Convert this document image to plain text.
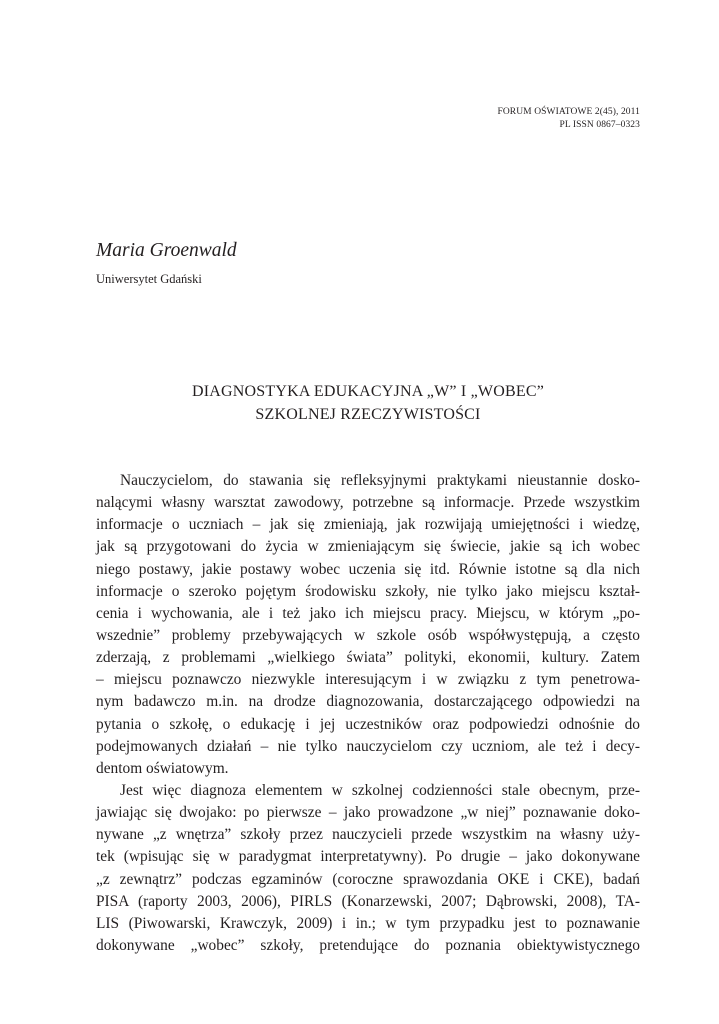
FORUM OŚWIATOWE 2(45), 2011
PL ISSN 0867–0323
Maria Groenwald
Uniwersytet Gdański
DIAGNOSTYKA EDUKACYJNA „W” I „WOBEC”
SZKOLNEJ RZECZYWISTOŚCI
Nauczycielom, do stawania się refleksyjnymi praktykami nieustannie dosko-
nalącymi własny warsztat zawodowy, potrzebne są informacje. Przede wszystkim
informacje o uczniach – jak się zmieniają, jak rozwijają umiejętności i wiedzę,
jak są przygotowani do życia w zmieniającym się świecie, jakie są ich wobec
niego postawy, jakie postawy wobec uczenia się itd. Równie istotne są dla nich
informacje o szeroko pojętym środowisku szkoły, nie tylko jako miejscu kształ-
cenia i wychowania, ale i też jako ich miejscu pracy. Miejscu, w którym „po-
wszednie” problemy przebywających w szkole osób współwystępują, a często
zderzają, z problemami „wielkiego świata” polityki, ekonomii, kultury. Zatem
– miejscu poznawczo niezwykle interesującym i w związku z tym penetrowa-
nym badawczo m.in. na drodze diagnozowania, dostarczającego odpowiedzi na
pytania o szkołę, o edukację i jej uczestników oraz podpowiedzi odnośnie do
podejmowanych działań – nie tylko nauczycielom czy uczniom, ale też i decy-
dentom oświatowym.
Jest więc diagnoza elementem w szkolnej codzienności stale obecnym, prze-
jawiając się dwojako: po pierwsze – jako prowadzone „w niej” poznawanie doko-
nywane „z wnętrza” szkoły przez nauczycieli przede wszystkim na własny uży-
tek (wpisując się w paradygmat interpretatywny). Po drugie – jako dokonywane
„z zewnątrz” podczas egzaminów (coroczne sprawozdania OKE i CKE), badań
PISA (raporty 2003, 2006), PIRLS (Konarzewski, 2007; Dąbrowski, 2008), TA-
LIS (Piwowarski, Krawczyk, 2009) i in.; w tym przypadku jest to poznawanie
dokonywane „wobec” szkoły, pretendujące do poznania obiektywistycznego
